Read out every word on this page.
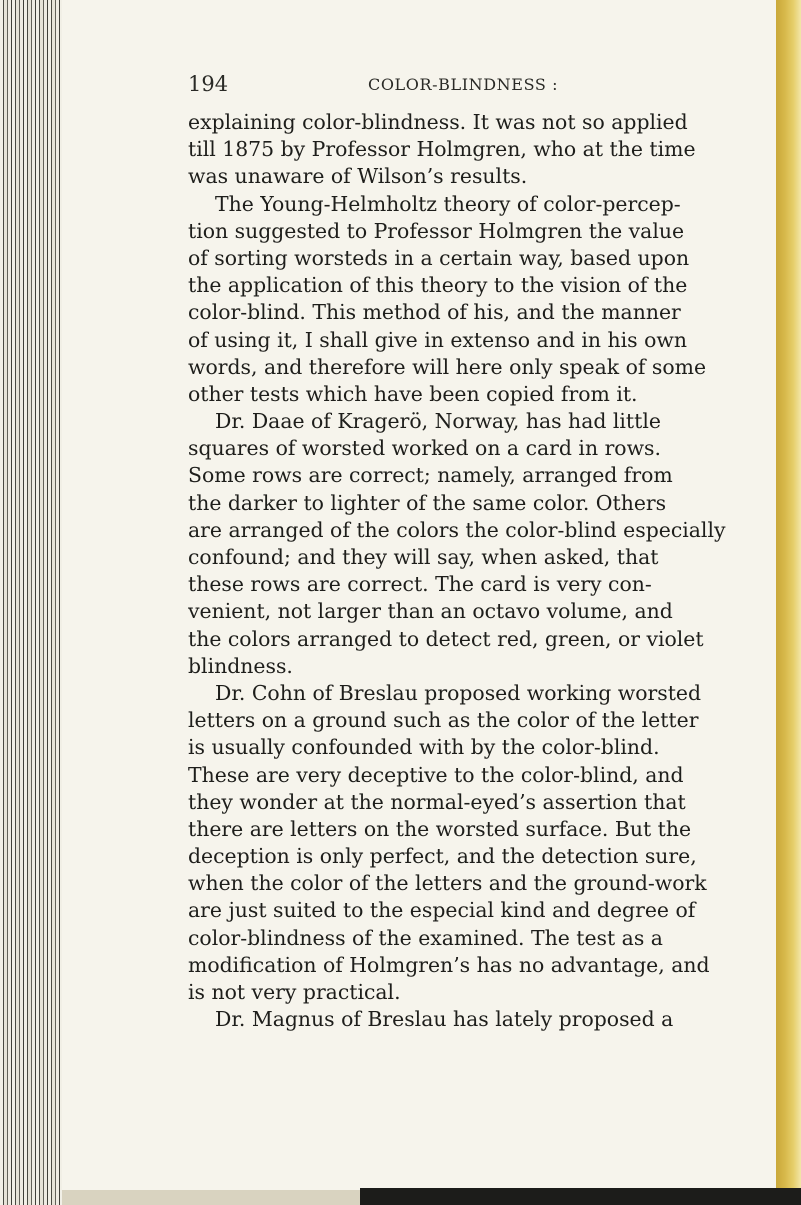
194	COLOR-BLINDNESS :
explaining color-blindness. It was not so applied
till 1875 by Professor Holmgren, who at the time
was unaware of Wilson’s results.
The Young-Helmholtz theory of color-percep-
tion suggested to Professor Holmgren the value
of sorting worsteds in a certain way, based upon
the application of this theory to the vision of the
color-blind. This method of his, and the manner
of using it, I shall give in extenso and in his own
words, and therefore will here only speak of some
other tests which have been copied from it.
Dr. Daae of Kragerö, Norway, has had little
squares of worsted worked on a card in rows.
Some rows are correct; namely, arranged from
the darker to lighter of the same color. Others
are arranged of the colors the color-blind especially
confound; and they will say, when asked, that
these rows are correct. The card is very con-
venient, not larger than an octavo volume, and
the colors arranged to detect red, green, or violet
blindness.
Dr. Cohn of Breslau proposed working worsted
letters on a ground such as the color of the letter
is usually confounded with by the color-blind.
These are very deceptive to the color-blind, and
they wonder at the normal-eyed’s assertion that
there are letters on the worsted surface. But the
deception is only perfect, and the detection sure,
when the color of the letters and the ground-work
are just suited to the especial kind and degree of
color-blindness of the examined. The test as a
modification of Holmgren’s has no advantage, and
is not very practical.
Dr. Magnus of Breslau has lately proposed a
